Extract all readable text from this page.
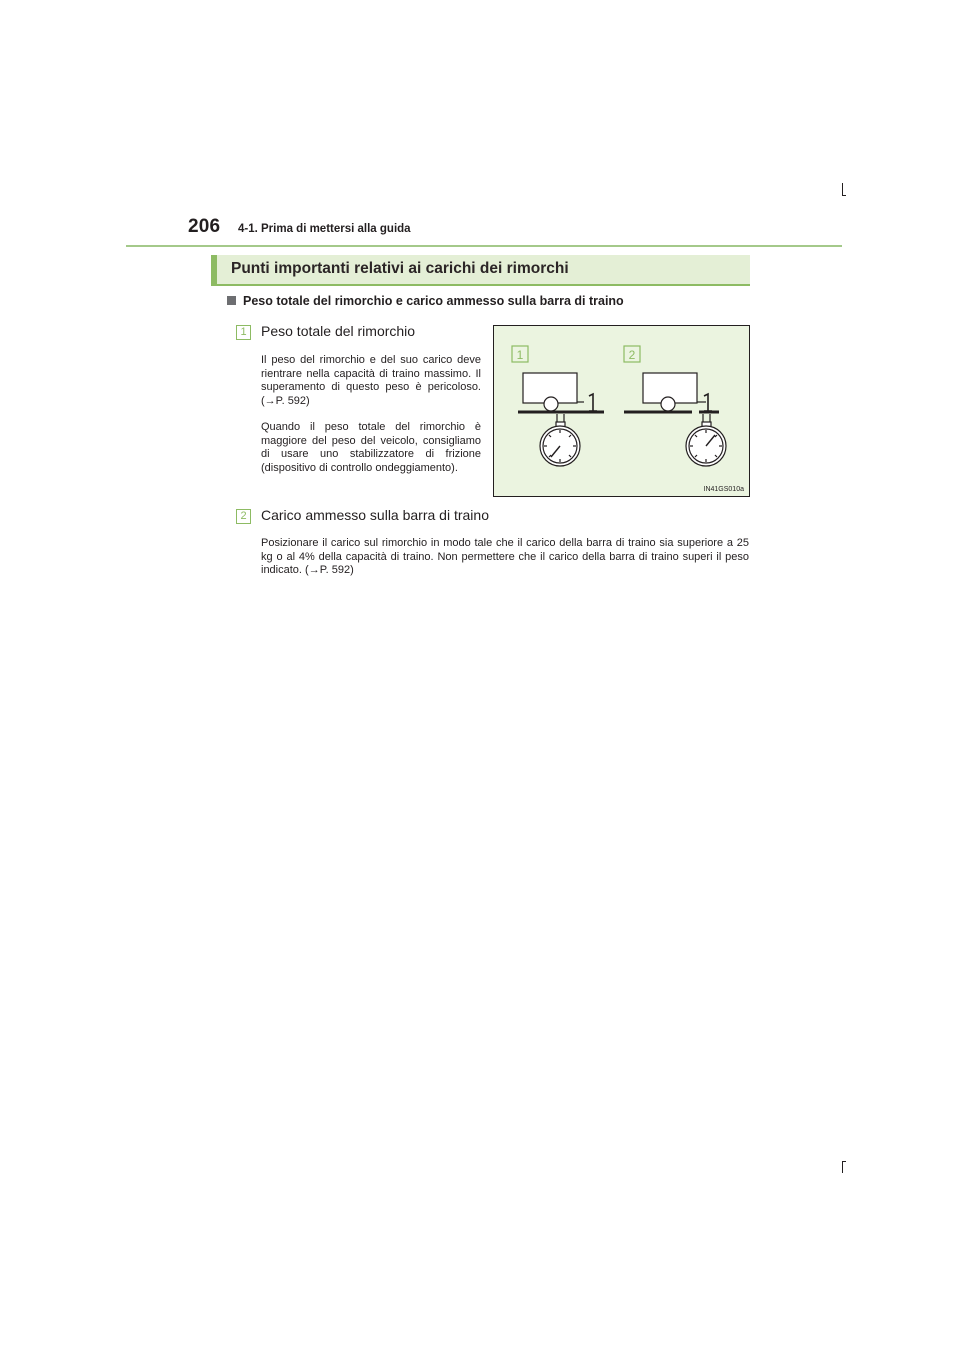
206 4-1. Prima di mettersi alla guida
Punti importanti relativi ai carichi dei rimorchi
Peso totale del rimorchio e carico ammesso sulla barra di traino
1	Peso totale del rimorchio
Il peso del rimorchio e del suo carico deve rientrare nella capacità di traino massimo. Il superamento di questo peso è pericoloso. (→P. 592)
Quando il peso totale del rimorchio è maggiore del peso del veicolo, consigliamo di usare uno stabilizzatore di frizione (dispositivo di controllo ondeggiamento).
1	2
IN41GS010a
2	Carico ammesso sulla barra di traino
Posizionare il carico sul rimorchio in modo tale che il carico della barra di traino sia superiore a 25 kg o al 4% della capacità di traino. Non permettere che il carico della barra di traino superi il peso indicato. (→P. 592)
